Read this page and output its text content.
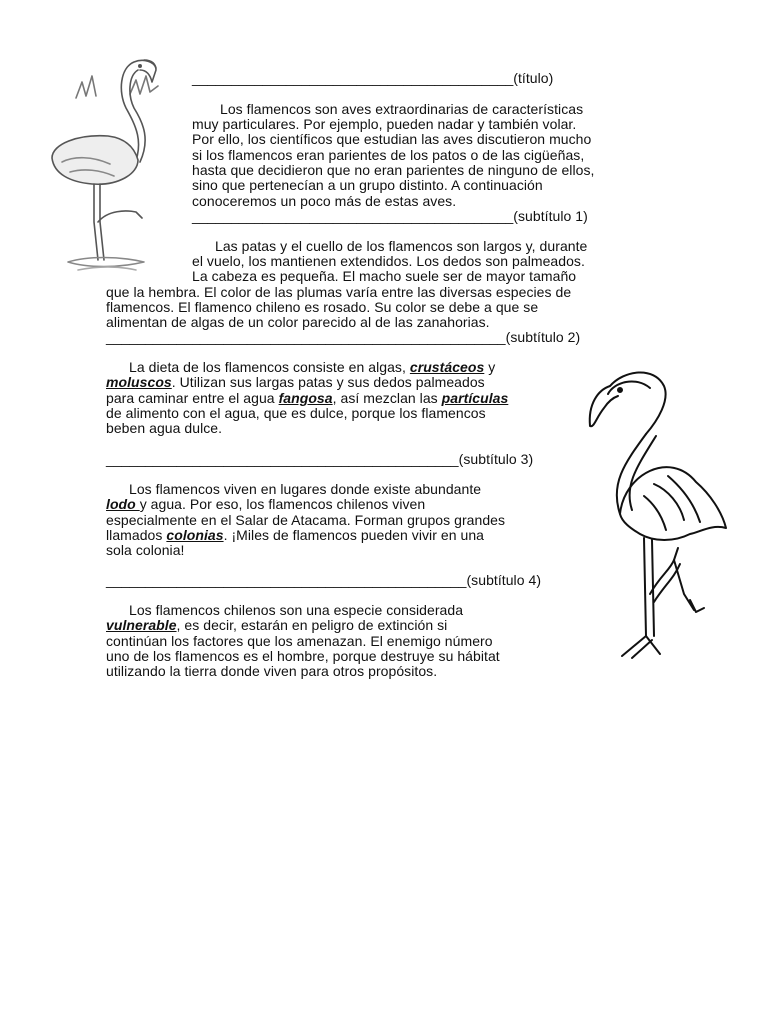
_________________________________________(título)

Los flamencos son aves extraordinarias de características

muy particulares. Por ejemplo, pueden nadar y también volar.

Por ello, los científicos que estudian las aves discutieron mucho

si los flamencos eran parientes de los patos o de las cigüeñas,

hasta que decidieron que no eran parientes de ninguno de ellos,

sino que pertenecían a un grupo distinto. A continuación

conoceremos un poco más de estas aves.

_________________________________________(subtítulo 1)

Las patas y el cuello de los flamencos son largos y, durante

el vuelo, los mantienen extendidos. Los dedos son palmeados.

La cabeza es pequeña. El macho suele ser de mayor tamaño

que la hembra. El color de las plumas varía entre las diversas especies de

flamencos. El flamenco chileno es rosado. Su color se debe a que se

alimentan de algas de un color parecido al de las zanahorias.

___________________________________________________(subtítulo 2)

La dieta de los flamencos consiste en algas, crustáceos y

moluscos. Utilizan sus largas patas y sus dedos palmeados

para caminar entre el agua fangosa, así mezclan las partículas

de alimento con el agua, que es dulce, porque los flamencos

beben agua dulce.

_____________________________________________(subtítulo 3)

Los flamencos viven en lugares donde existe abundante

lodo y agua. Por eso, los flamencos chilenos viven

especialmente en el Salar de Atacama. Forman grupos grandes

llamados colonias. ¡Miles de flamencos pueden vivir en una

sola colonia!

______________________________________________(subtítulo 4)

Los flamencos chilenos son una especie considerada

vulnerable, es decir, estarán en peligro de extinción si

continúan los factores que los amenazan. El enemigo número

uno de los flamencos es el hombre, porque destruye su hábitat

utilizando la tierra donde viven para otros propósitos.
